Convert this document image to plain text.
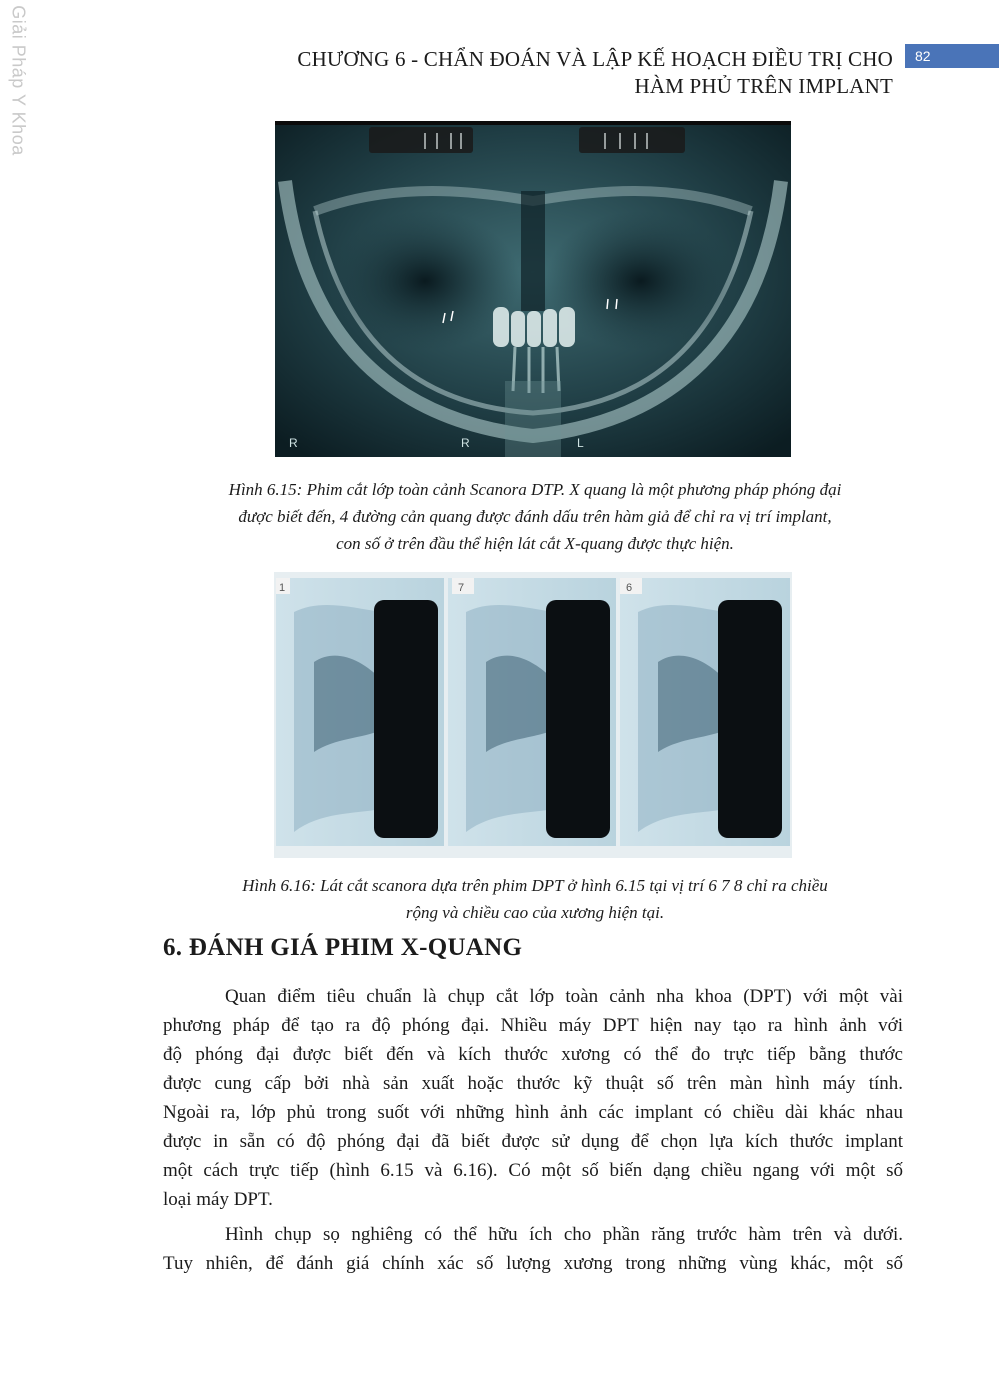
Giải Pháp Y Khoa	82
CHƯƠNG 6 - CHẨN ĐOÁN VÀ LẬP KẾ HOẠCH ĐIỀU TRỊ CHO
HÀM PHỦ TRÊN IMPLANT
R	R	L
Hình 6.15: Phim cắt lớp toàn cảnh Scanora DTP. X quang là một phương pháp phóng đại
được biết đến, 4 đường cản quang được đánh dấu trên hàm giả để chỉ ra vị trí implant,
con số ở trên đầu thể hiện lát cắt X-quang được thực hiện.
1	7	6
Hình 6.16: Lát cắt scanora dựa trên phim DPT ở hình 6.15 tại vị trí 6 7 8 chỉ ra chiều
rộng và chiều cao của xương hiện tại.
6. ĐÁNH GIÁ PHIM X-QUANG
Quan điểm tiêu chuẩn là chụp cắt lớp toàn cảnh nha khoa (DPT) với một vài
phương pháp để tạo ra độ phóng đại. Nhiều máy DPT hiện nay tạo ra hình ảnh với
độ phóng đại được biết đến và kích thước xương có thể đo trực tiếp bằng thước
được cung cấp bởi nhà sản xuất hoặc thước kỹ thuật số trên màn hình máy tính.
Ngoài ra, lớp phủ trong suốt với những hình ảnh các implant có chiều dài khác nhau
được in sẵn có độ phóng đại đã biết được sử dụng để chọn lựa kích thước implant
một cách trực tiếp (hình 6.15 và 6.16). Có một số biến dạng chiều ngang với một số
loại máy DPT.
Hình chụp sọ nghiêng có thể hữu ích cho phần răng trước hàm trên và dưới.
Tuy nhiên, để đánh giá chính xác số lượng xương trong những vùng khác, một số
